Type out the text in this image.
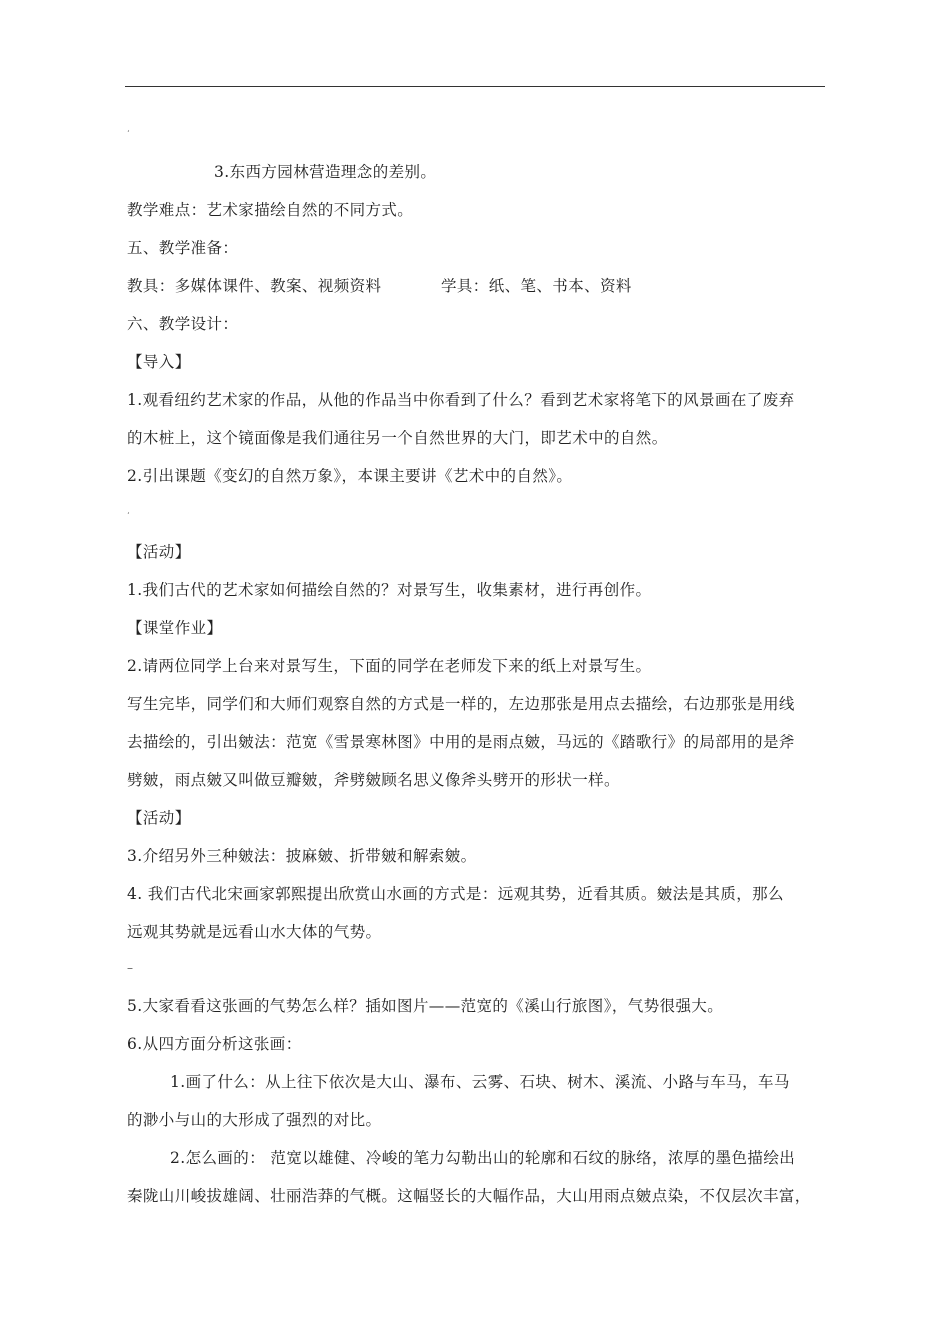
ʻ
3.东西方园林营造理念的差别。
教学难点：艺术家描绘自然的不同方式。
五、教学准备：
教具：多媒体课件、教案、视频资料	学具：纸、笔、书本、资料
六、教学设计：
【导入】
1.观看纽约艺术家的作品，从他的作品当中你看到了什么？看到艺术家将笔下的风景画在了废弃
的木桩上，这个镜面像是我们通往另一个自然世界的大门，即艺术中的自然。
2.引出课题《变幻的自然万象》，本课主要讲《艺术中的自然》。
ʻ
【活动】
1.我们古代的艺术家如何描绘自然的？对景写生，收集素材，进行再创作。
【课堂作业】
2.请两位同学上台来对景写生，下面的同学在老师发下来的纸上对景写生。
写生完毕，同学们和大师们观察自然的方式是一样的，左边那张是用点去描绘，右边那张是用线
去描绘的，引出皴法：范宽《雪景寒林图》中用的是雨点皴，马远的《踏歌行》的局部用的是斧
劈皴，雨点皴又叫做豆瓣皴，斧劈皴顾名思义像斧头劈开的形状一样。
【活动】
3.介绍另外三种皴法：披麻皴、折带皴和解索皴。
4. 我们古代北宋画家郭熙提出欣赏山水画的方式是：远观其势，近看其质。皴法是其质，那么
远观其势就是远看山水大体的气势。
–
5.大家看看这张画的气势怎么样？插如图片——范宽的《溪山行旅图》，气势很强大。
6.从四方面分析这张画：
1.画了什么：从上往下依次是大山、瀑布、云雾、石块、树木、溪流、小路与车马，车马
的渺小与山的大形成了强烈的对比。
2.怎么画的： 范宽以雄健、冷峻的笔力勾勒出山的轮廓和石纹的脉络，浓厚的墨色描绘出
秦陇山川峻拔雄阔、壮丽浩莽的气概。这幅竖长的大幅作品，大山用雨点皴点染，不仅层次丰富，
